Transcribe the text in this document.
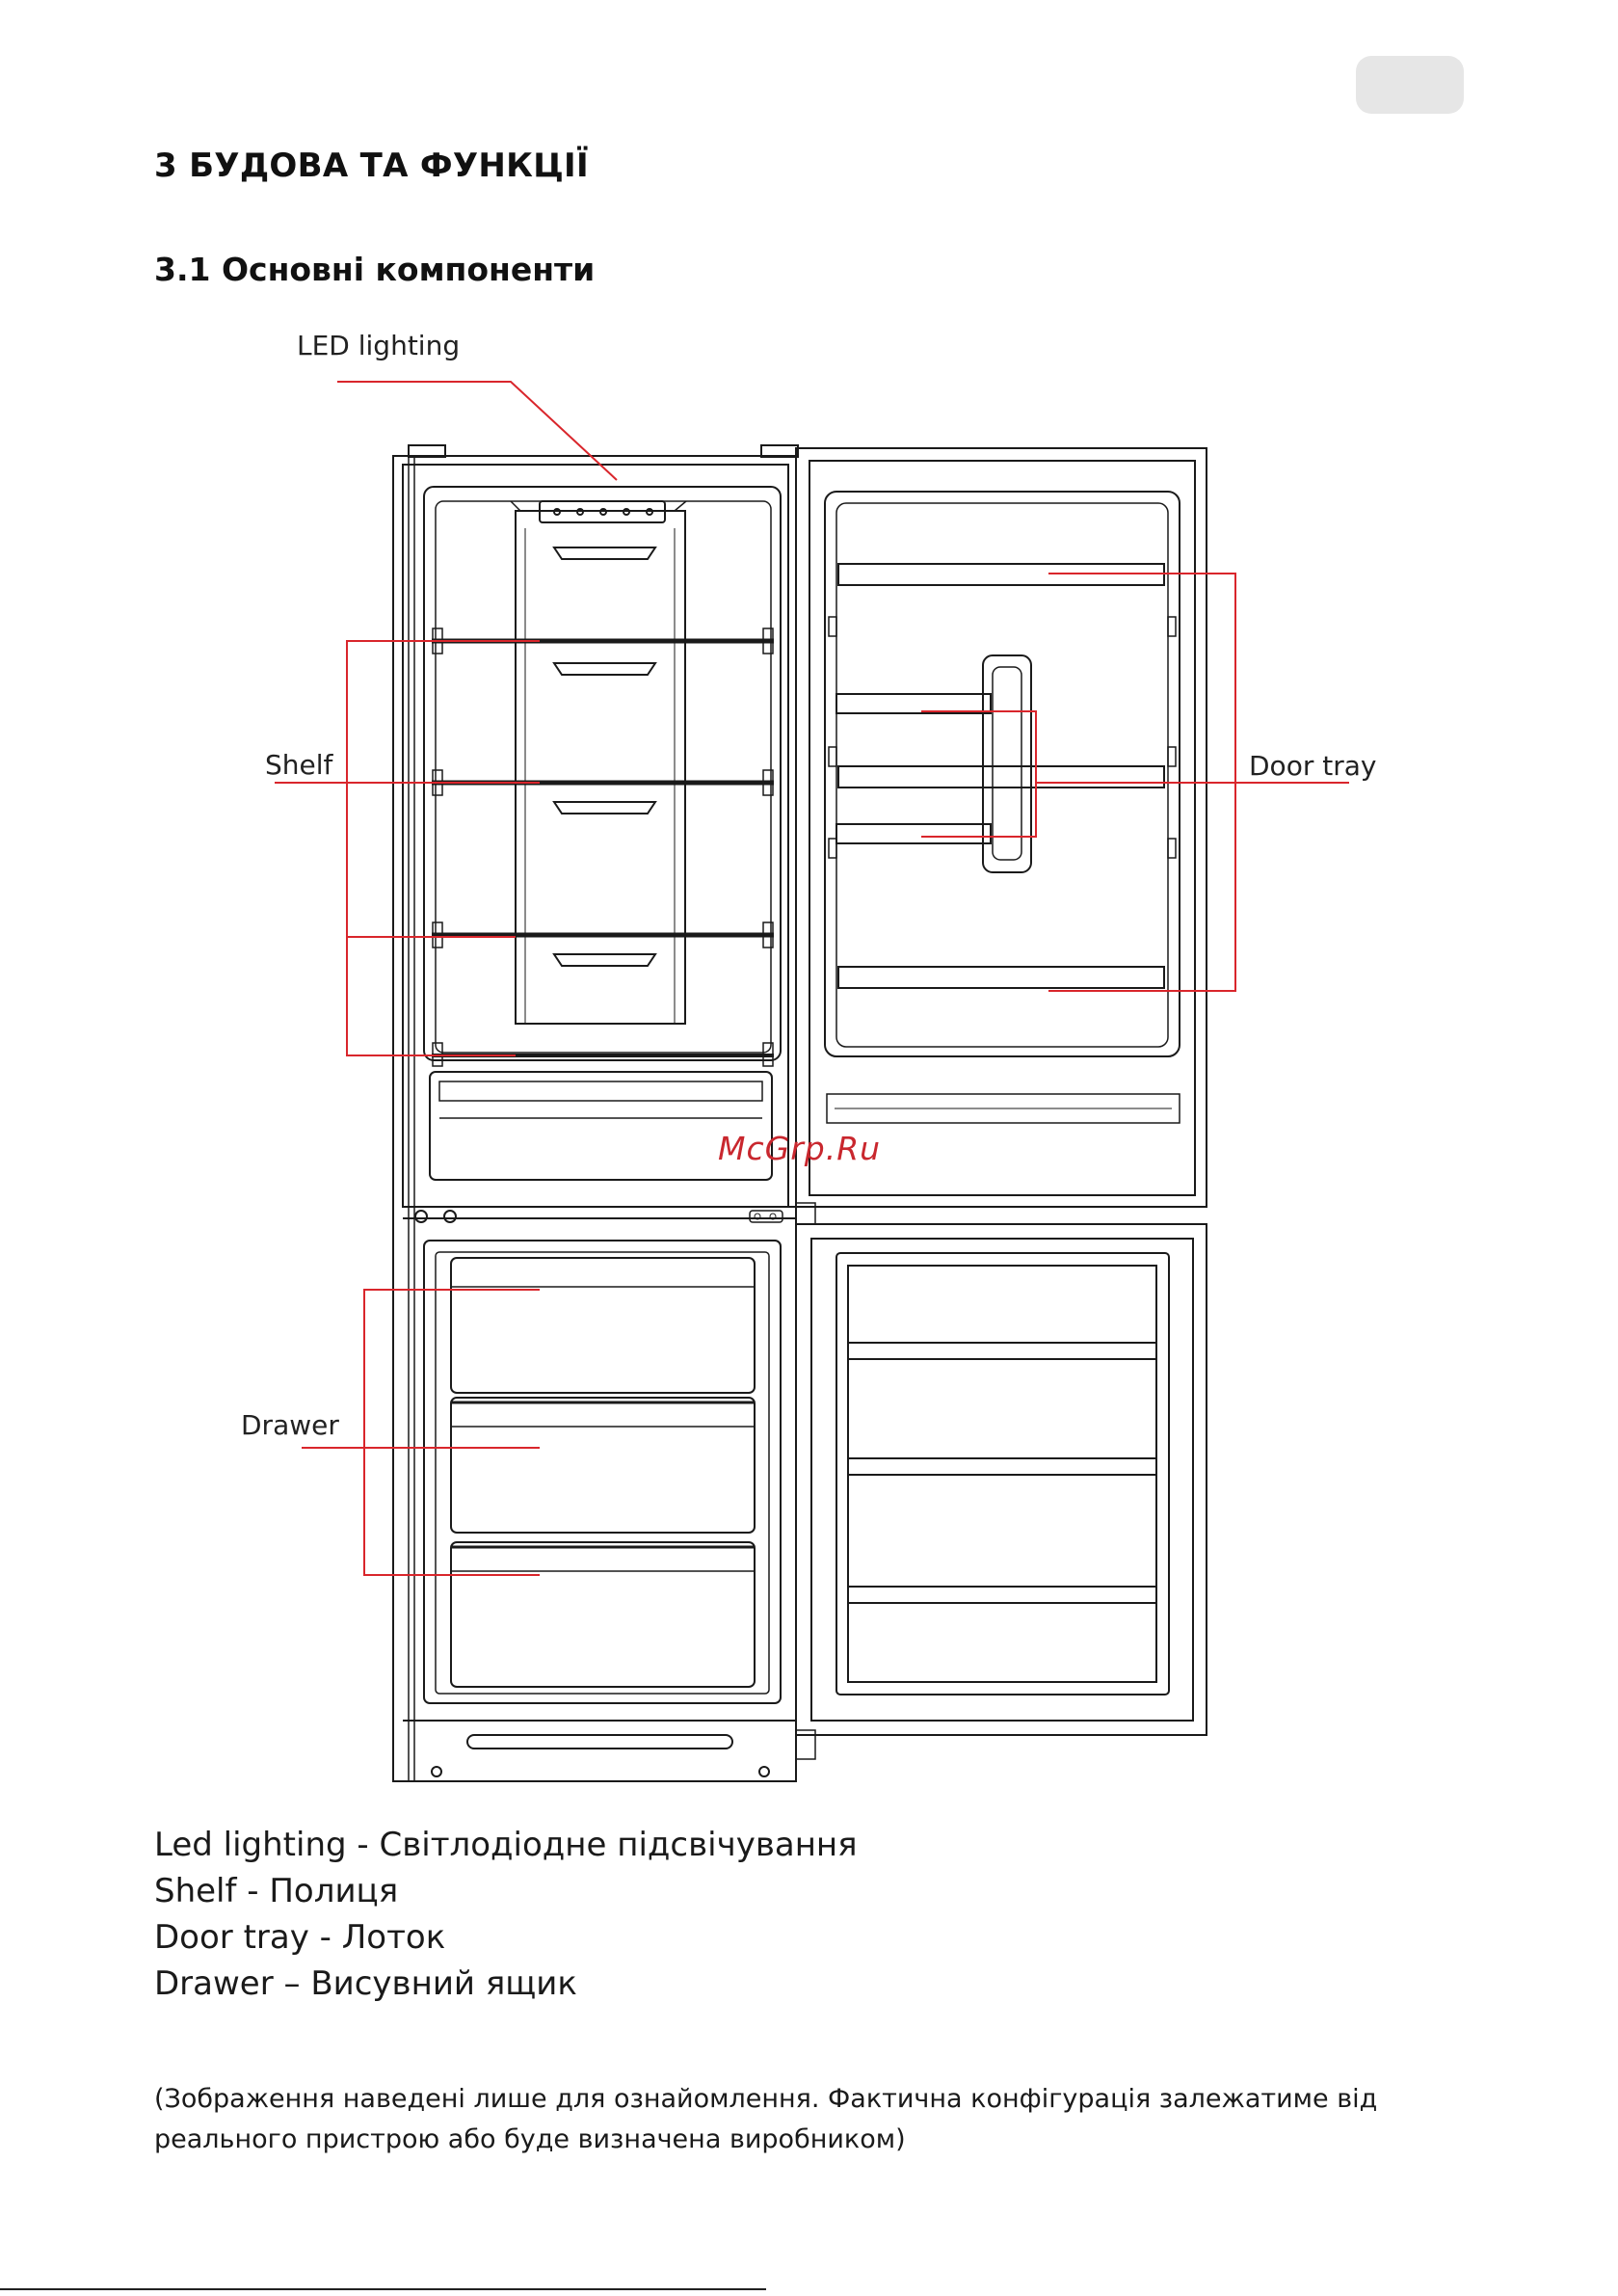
3 БУДОВА ТА ФУНКЦІЇ
3.1 Основні компоненти
LED lighting
Shelf	Door tray
Drawer
McGrp.Ru
Led lighting - Світлодіодне підсвічування
Shelf - Полиця
Door tray - Лоток
Drawer – Висувний ящик

(Зображення наведені лише для ознайомлення. Фактична конфігурація залежатиме від реального пристрою або буде визначена виробником)
